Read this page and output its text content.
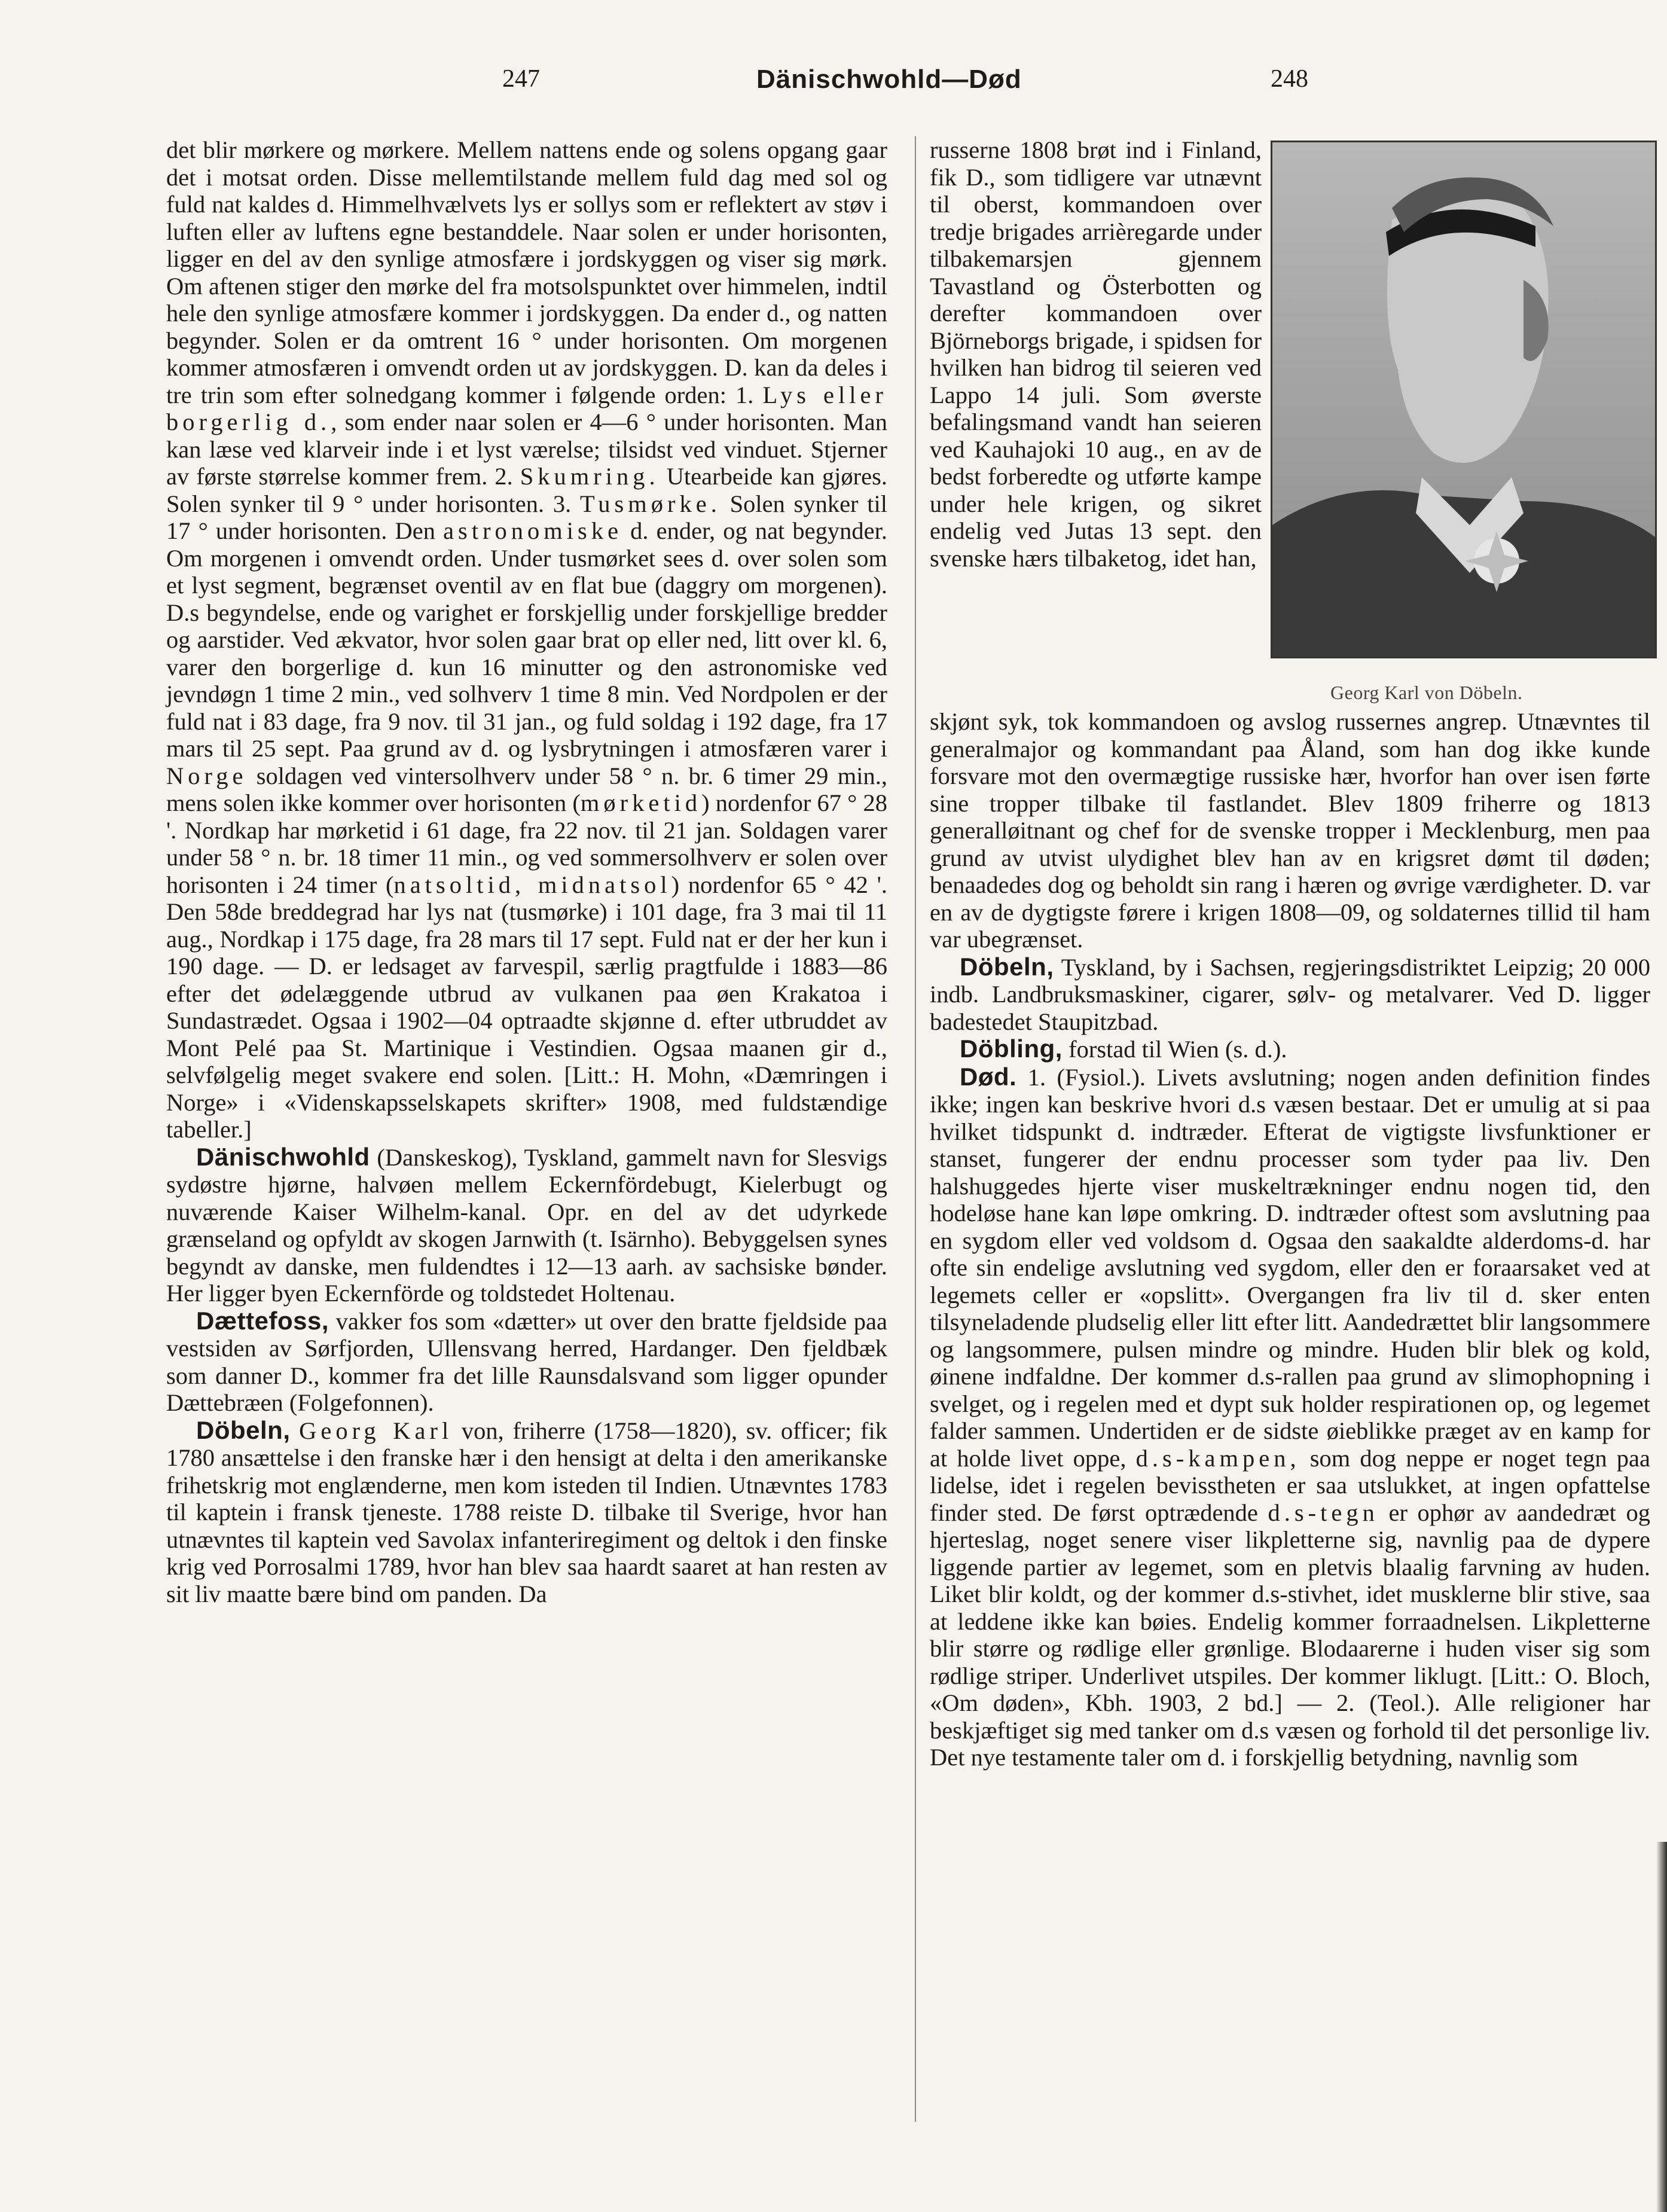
247	Dänischwohld—Død	248

det blir mørkere og mørkere. Mellem nattens ende og solens opgang gaar det i motsat orden. Disse mellemtilstande mellem fuld dag med sol og fuld nat kaldes d. Himmelhvælvets lys er sollys som er reflektert av støv i luften eller av luftens egne bestanddele. Naar solen er under horisonten, ligger en del av den synlige atmosfære i jordskyggen og viser sig mørk. Om aftenen stiger den mørke del fra motsolspunktet over himmelen, indtil hele den synlige atmosfære kommer i jordskyggen. Da ender d., og natten begynder. Solen er da omtrent 16 ° under horisonten. Om morgenen kommer atmosfæren i omvendt orden ut av jordskyggen. D. kan da deles i tre trin som efter solnedgang kommer i følgende orden: 1. Lys eller borgerlig d., som ender naar solen er 4—6 ° under horisonten. Man kan læse ved klarveir inde i et lyst værelse; tilsidst ved vinduet. Stjerner av første størrelse kommer frem. 2. Skumring. Utearbeide kan gjøres. Solen synker til 9 ° under horisonten. 3. Tusmørke. Solen synker til 17 ° under horisonten. Den astronomiske d. ender, og nat begynder. Om morgenen i omvendt orden. Under tusmørket sees d. over solen som et lyst segment, begrænset oventil av en flat bue (daggry om morgenen). D.s begyndelse, ende og varighet er forskjellig under forskjellige bredder og aarstider. Ved ækvator, hvor solen gaar brat op eller ned, litt over kl. 6, varer den borgerlige d. kun 16 minutter og den astronomiske ved jevndøgn 1 time 2 min., ved solhverv 1 time 8 min. Ved Nordpolen er der fuld nat i 83 dage, fra 9 nov. til 31 jan., og fuld soldag i 192 dage, fra 17 mars til 25 sept. Paa grund av d. og lysbrytningen i atmosfæren varer i Norge soldagen ved vintersolhverv under 58 ° n. br. 6 timer 29 min., mens solen ikke kommer over horisonten (mørketid) nordenfor 67 ° 28 '. Nordkap har mørketid i 61 dage, fra 22 nov. til 21 jan. Soldagen varer under 58 ° n. br. 18 timer 11 min., og ved sommersolhverv er solen over horisonten i 24 timer (natsoltid, midnatsol) nordenfor 65 ° 42 '. Den 58de breddegrad har lys nat (tusmørke) i 101 dage, fra 3 mai til 11 aug., Nordkap i 175 dage, fra 28 mars til 17 sept. Fuld nat er der her kun i 190 dage. — D. er ledsaget av farvespil, særlig pragtfulde i 1883—86 efter det ødelæggende utbrud av vulkanen paa øen Krakatoa i Sundastrædet. Ogsaa i 1902—04 optraadte skjønne d. efter utbruddet av Mont Pelé paa St. Martinique i Vestindien. Ogsaa maanen gir d., selvfølgelig meget svakere end solen. [Litt.: H. Mohn, «Dæmringen i Norge» i «Videnskapsselskapets skrifter» 1908, med fuldstændige tabeller.]

Dänischwohld (Danskeskog), Tyskland, gammelt navn for Slesvigs sydøstre hjørne, halvøen mellem Eckernfördebugt, Kielerbugt og nuværende Kaiser Wilhelm-kanal. Opr. en del av det udyrkede grænseland og opfyldt av skogen Jarnwith (t. Isärnho). Bebyggelsen synes begyndt av danske, men fuldendtes i 12—13 aarh. av sachsiske bønder. Her ligger byen Eckernförde og toldstedet Holtenau.

Dættefoss, vakker fos som «dætter» ut over den bratte fjeldside paa vestsiden av Sørfjorden, Ullensvang herred, Hardanger. Den fjeldbæk som danner D., kommer fra det lille Raunsdalsvand som ligger opunder Dættebræen (Folgefonnen).

Döbeln, Georg Karl von, friherre (1758—1820), sv. officer; fik 1780 ansættelse i den franske hær i den hensigt at delta i den amerikanske frihetskrig mot englænderne, men kom isteden til Indien. Utnævntes 1783 til kaptein i fransk tjeneste. 1788 reiste D. tilbake til Sverige, hvor han utnævntes til kaptein ved Savolax infanteriregiment og deltok i den finske krig ved Porrosalmi 1789, hvor han blev saa haardt saaret at han resten av sit liv maatte bære bind om panden. Da

russerne 1808 brøt ind i Finland, fik D., som tidligere var utnævnt til oberst, kommandoen over tredje brigades arrièregarde under tilbakemarsjen gjennem Tavastland og Österbotten og derefter kommandoen over Björneborgs brigade, i spidsen for hvilken han bidrog til seieren ved Lappo 14 juli. Som øverste befalingsmand vandt han seieren ved Kauhajoki 10 aug., en av de bedst forberedte og utførte kampe under hele krigen, og sikret endelig ved Jutas 13 sept. den svenske hærs tilbaketog, idet han,

Georg Karl von Döbeln.

skjønt syk, tok kommandoen og avslog russernes angrep. Utnævntes til generalmajor og kommandant paa Åland, som han dog ikke kunde forsvare mot den overmægtige russiske hær, hvorfor han over isen førte sine tropper tilbake til fastlandet. Blev 1809 friherre og 1813 generalløitnant og chef for de svenske tropper i Mecklenburg, men paa grund av utvist ulydighet blev han av en krigsret dømt til døden; benaadedes dog og beholdt sin rang i hæren og øvrige værdigheter. D. var en av de dygtigste førere i krigen 1808—09, og soldaternes tillid til ham var ubegrænset.

Döbeln, Tyskland, by i Sachsen, regjeringsdistriktet Leipzig; 20 000 indb. Landbruksmaskiner, cigarer, sølv- og metalvarer. Ved D. ligger badestedet Staupitzbad.

Döbling, forstad til Wien (s. d.).

Død. 1. (Fysiol.). Livets avslutning; nogen anden definition findes ikke; ingen kan beskrive hvori d.s væsen bestaar. Det er umulig at si paa hvilket tidspunkt d. indtræder. Efterat de vigtigste livsfunktioner er stanset, fungerer der endnu processer som tyder paa liv. Den halshuggedes hjerte viser muskeltrækninger endnu nogen tid, den hodeløse hane kan løpe omkring. D. indtræder oftest som avslutning paa en sygdom eller ved voldsom d. Ogsaa den saakaldte alderdoms-d. har ofte sin endelige avslutning ved sygdom, eller den er foraarsaket ved at legemets celler er «opslitt». Overgangen fra liv til d. sker enten tilsyneladende pludselig eller litt efter litt. Aandedrættet blir langsommere og langsommere, pulsen mindre og mindre. Huden blir blek og kold, øinene indfaldne. Der kommer d.s-rallen paa grund av slimophopning i svelget, og i regelen med et dypt suk holder respirationen op, og legemet falder sammen. Undertiden er de sidste øieblikke præget av en kamp for at holde livet oppe, d.s-kampen, som dog neppe er noget tegn paa lidelse, idet i regelen bevisstheten er saa utslukket, at ingen opfattelse finder sted. De først optrædende d.s-tegn er ophør av aandedræt og hjerteslag, noget senere viser likpletterne sig, navnlig paa de dypere liggende partier av legemet, som en pletvis blaalig farvning av huden. Liket blir koldt, og der kommer d.s-stivhet, idet musklerne blir stive, saa at leddene ikke kan bøies. Endelig kommer forraadnelsen. Likpletterne blir større og rødlige eller grønlige. Blodaarerne i huden viser sig som rødlige striper. Underlivet utspiles. Der kommer liklugt. [Litt.: O. Bloch, «Om døden», Kbh. 1903, 2 bd.] — 2. (Teol.). Alle religioner har beskjæftiget sig med tanker om d.s væsen og forhold til det personlige liv. Det nye testamente taler om d. i forskjellig betydning, navnlig som
